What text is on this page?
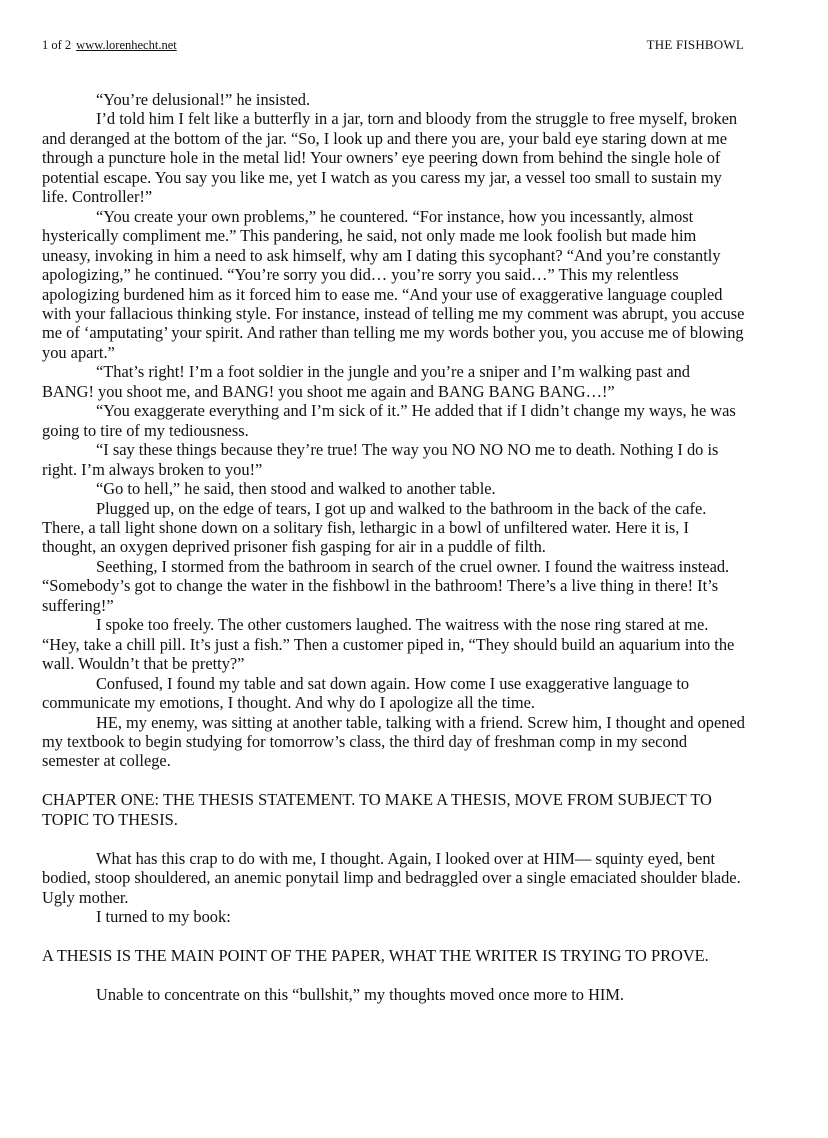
1 of 2 www.lorenhecht.net	THE FISHBOWL

“You’re delusional!” he insisted.

I’d told him I felt like a butterfly in a jar, torn and bloody from the struggle to free myself, broken and deranged at the bottom of the jar. “So, I look up and there you are, your bald eye staring down at me through a puncture hole in the metal lid! Your owners’ eye peering down from behind the single hole of potential escape. You say you like me, yet I watch as you caress my jar, a vessel too small to sustain my life. Controller!”

“You create your own problems,” he countered. “For instance, how you incessantly, almost hysterically compliment me.” This pandering, he said, not only made me look foolish but made him uneasy, invoking in him a need to ask himself, why am I dating this sycophant? “And you’re constantly apologizing,” he continued. “You’re sorry you did… you’re sorry you said…” This my relentless apologizing burdened him as it forced him to ease me. “And your use of exaggerative language coupled with your fallacious thinking style. For instance, instead of telling me my comment was abrupt, you accuse me of ‘amputating’ your spirit. And rather than telling me my words bother you, you accuse me of blowing you apart.”

“That’s right! I’m a foot soldier in the jungle and you’re a sniper and I’m walking past and BANG! you shoot me, and BANG! you shoot me again and BANG BANG BANG…!”

“You exaggerate everything and I’m sick of it.” He added that if I didn’t change my ways, he was going to tire of my tediousness.

“I say these things because they’re true! The way you NO NO NO me to death. Nothing I do is right. I’m always broken to you!”

“Go to hell,” he said, then stood and walked to another table.

Plugged up, on the edge of tears, I got up and walked to the bathroom in the back of the cafe. There, a tall light shone down on a solitary fish, lethargic in a bowl of unfiltered water. Here it is, I thought, an oxygen deprived prisoner fish gasping for air in a puddle of filth.

Seething, I stormed from the bathroom in search of the cruel owner. I found the waitress instead. “Somebody’s got to change the water in the fishbowl in the bathroom! There’s a live thing in there! It’s suffering!”

I spoke too freely. The other customers laughed. The waitress with the nose ring stared at me. “Hey, take a chill pill. It’s just a fish.” Then a customer piped in, “They should build an aquarium into the wall. Wouldn’t that be pretty?”

Confused, I found my table and sat down again. How come I use exaggerative language to communicate my emotions, I thought. And why do I apologize all the time.

HE, my enemy, was sitting at another table, talking with a friend. Screw him, I thought and opened my textbook to begin studying for tomorrow’s class, the third day of freshman comp in my second semester at college.

CHAPTER ONE: THE THESIS STATEMENT. TO MAKE A THESIS, MOVE FROM SUBJECT TO TOPIC TO THESIS.

What has this crap to do with me, I thought. Again, I looked over at HIM— squinty eyed, bent bodied, stoop shouldered, an anemic ponytail limp and bedraggled over a single emaciated shoulder blade. Ugly mother.

I turned to my book:

A THESIS IS THE MAIN POINT OF THE PAPER, WHAT THE WRITER IS TRYING TO PROVE.

Unable to concentrate on this “bullshit,” my thoughts moved once more to HIM.
